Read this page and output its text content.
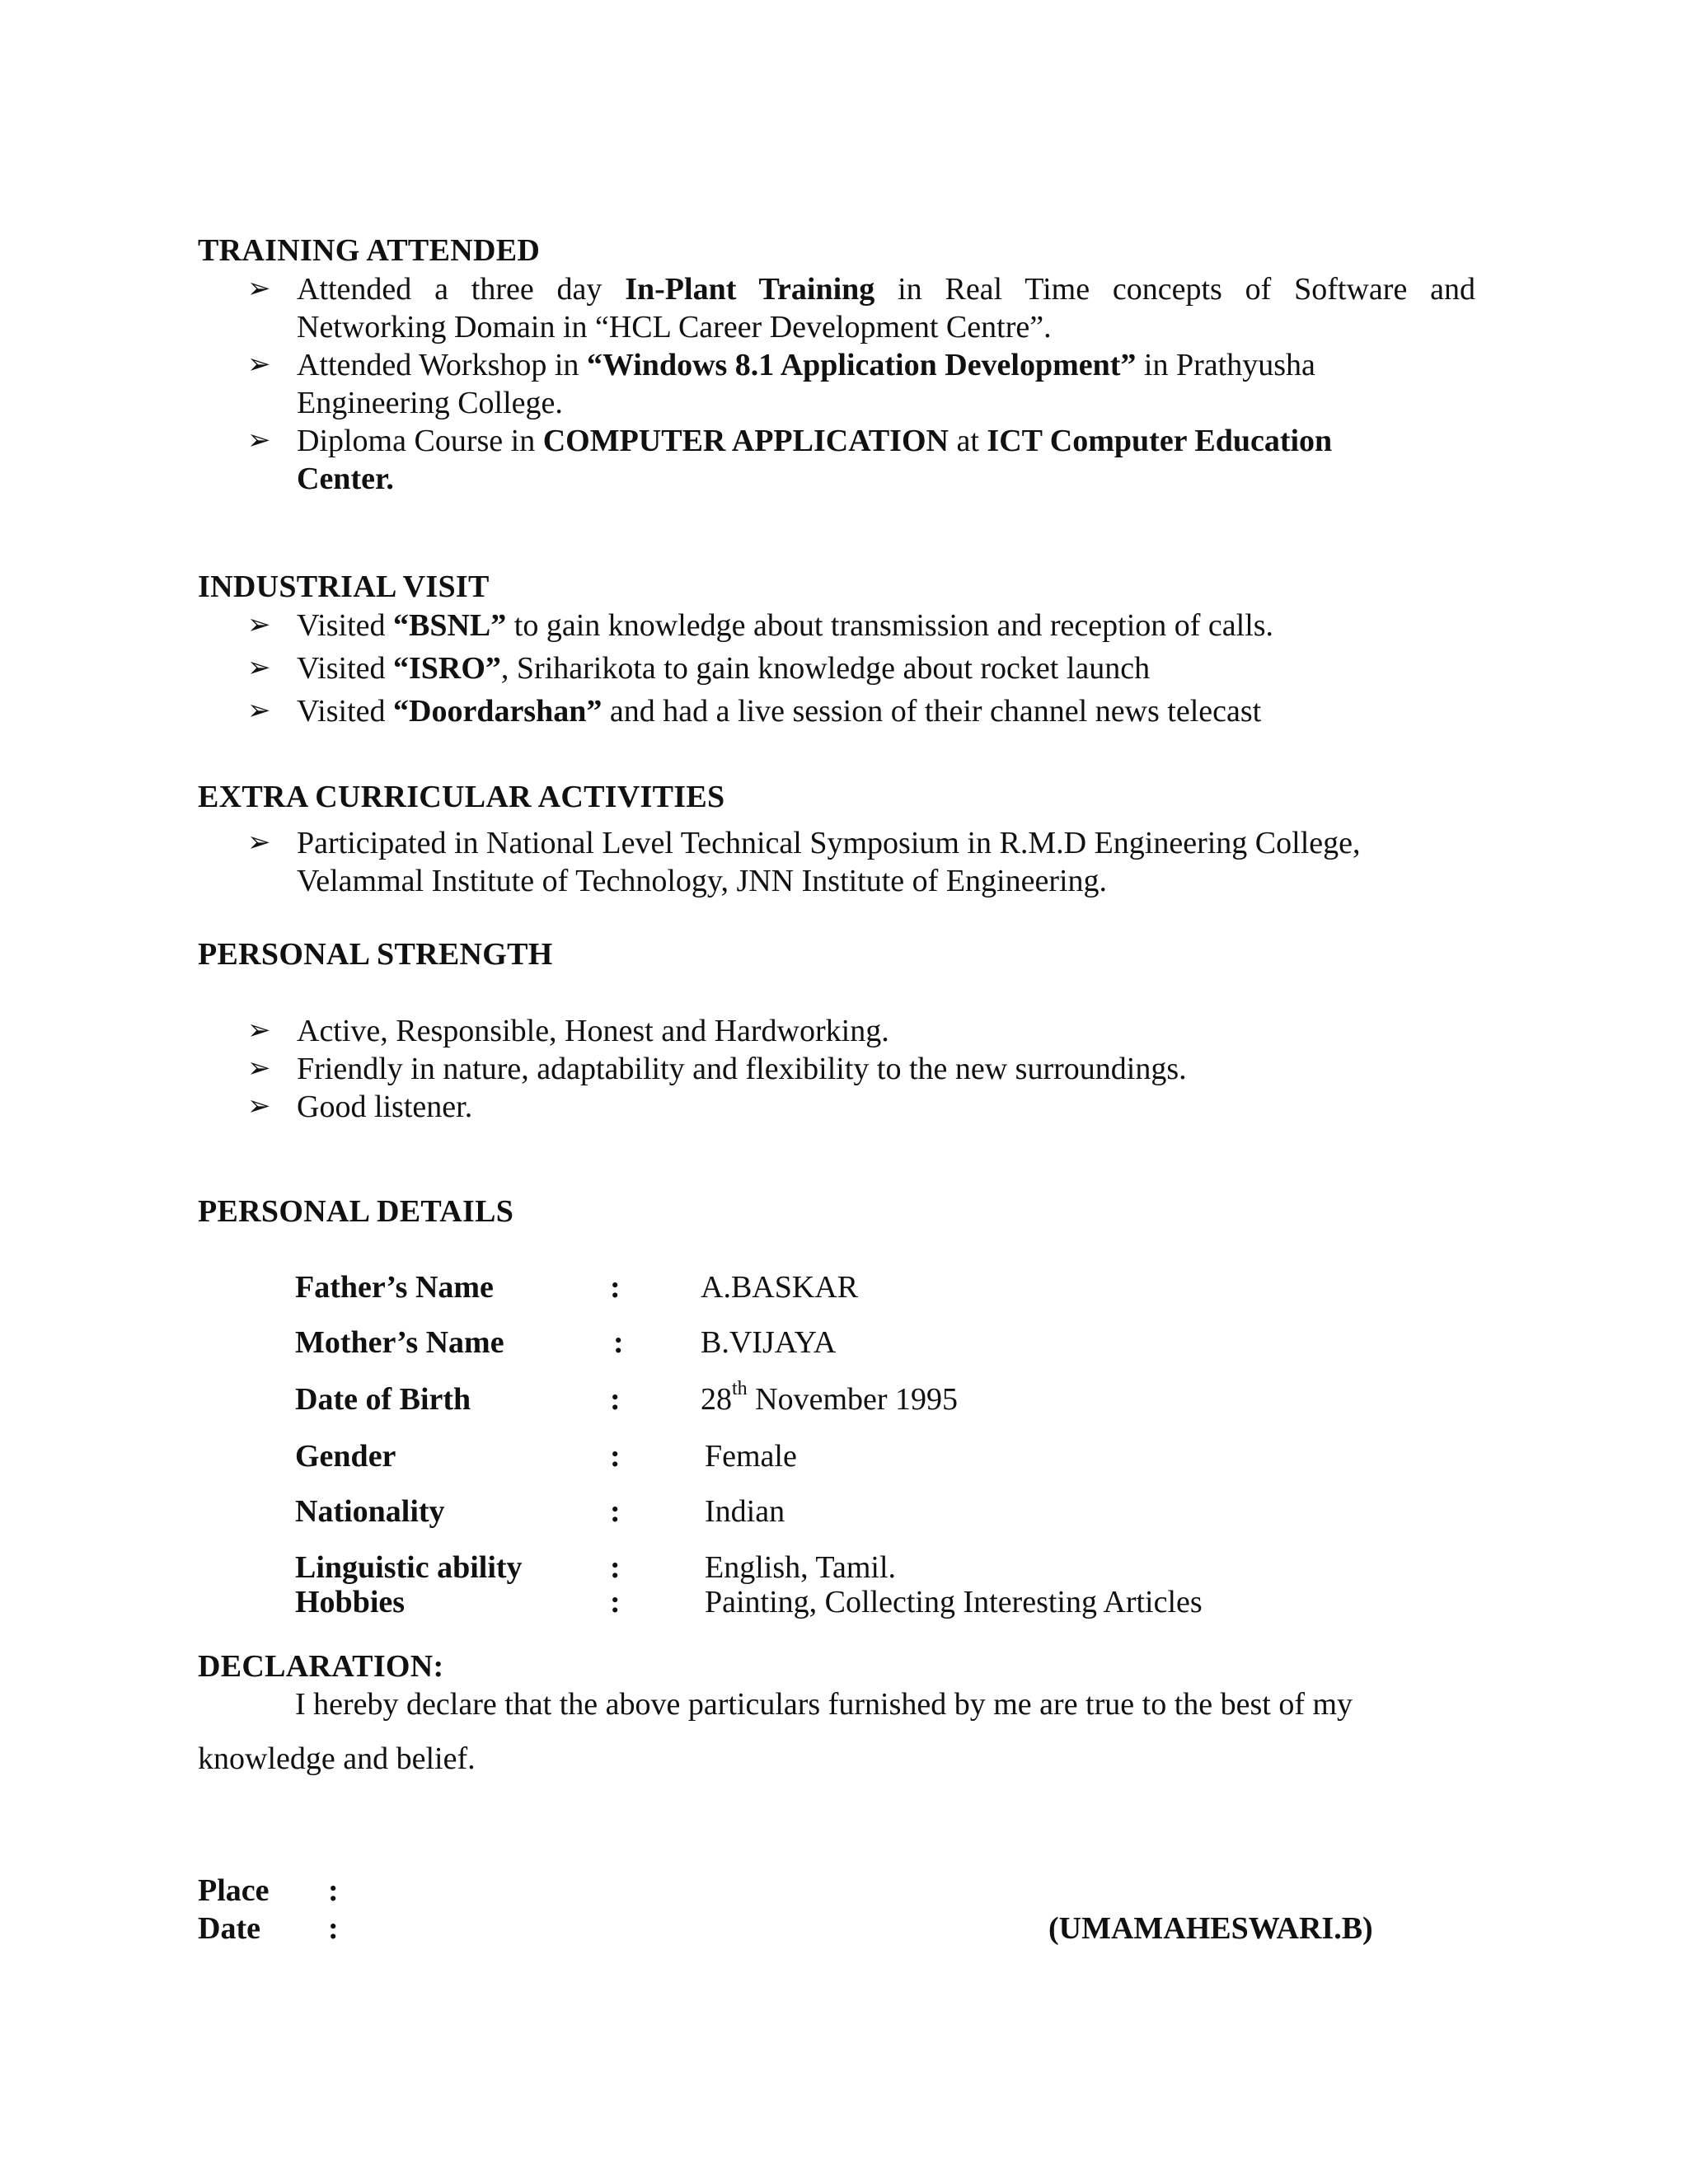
TRAINING ATTENDED
➢ Attended a three day In-Plant Training in Real Time concepts of Software and
Networking Domain in “HCL Career Development Centre”.
➢ Attended Workshop in “Windows 8.1 Application Development” in Prathyusha
Engineering College.
➢ Diploma Course in COMPUTER APPLICATION at ICT Computer Education
Center.
INDUSTRIAL VISIT
➢ Visited “BSNL” to gain knowledge about transmission and reception of calls.
➢ Visited “ISRO”, Sriharikota to gain knowledge about rocket launch
➢ Visited “Doordarshan” and had a live session of their channel news telecast
EXTRA CURRICULAR ACTIVITIES
➢ Participated in National Level Technical Symposium in R.M.D Engineering College,
Velammal Institute of Technology, JNN Institute of Engineering.
PERSONAL STRENGTH
➢ Active, Responsible, Honest and Hardworking.
➢ Friendly in nature, adaptability and flexibility to the new surroundings.
➢ Good listener.
PERSONAL DETAILS
Father’s Name	:	A.BASKAR
Mother’s Name	: B.VIJAYA
Date of Birth	:	28th November 1995
Gender	:	Female
Nationality	:	Indian
Linguistic ability	:	English, Tamil.
Hobbies	:	Painting, Collecting Interesting Articles
DECLARATION:
I hereby declare that the above particulars furnished by me are true to the best of my
knowledge and belief.
Place :
Date :	(UMAMAHESWARI.B)
